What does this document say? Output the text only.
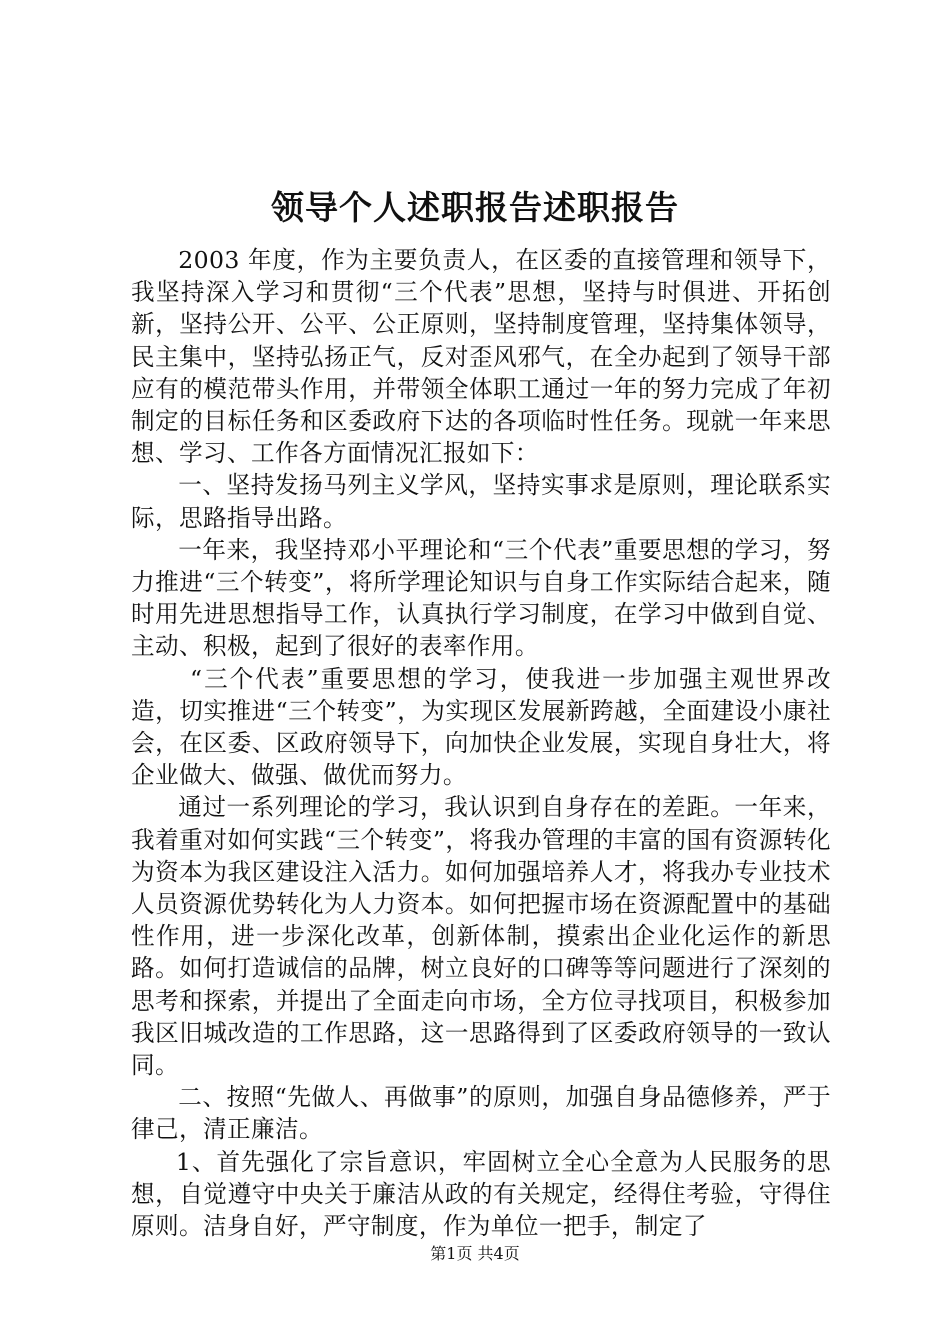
领导个人述职报告述职报告

2003 年度，作为主要负责人，在区委的直接管理和领导下，我坚持深入学习和贯彻“三个代表”思想，坚持与时俱进、开拓创新，坚持公开、公平、公正原则，坚持制度管理，坚持集体领导，民主集中，坚持弘扬正气，反对歪风邪气，在全办起到了领导干部应有的模范带头作用，并带领全体职工通过一年的努力完成了年初制定的目标任务和区委政府下达的各项临时性任务。现就一年来思想、学习、工作各方面情况汇报如下：

一、坚持发扬马列主义学风，坚持实事求是原则，理论联系实际，思路指导出路。

一年来，我坚持邓小平理论和“三个代表”重要思想的学习，努力推进“三个转变”，将所学理论知识与自身工作实际结合起来，随时用先进思想指导工作，认真执行学习制度，在学习中做到自觉、主动、积极，起到了很好的表率作用。

“三个代表”重要思想的学习，使我进一步加强主观世界改造，切实推进“三个转变”，为实现区发展新跨越，全面建设小康社会，在区委、区政府领导下，向加快企业发展，实现自身壮大，将企业做大、做强、做优而努力。

通过一系列理论的学习，我认识到自身存在的差距。一年来，我着重对如何实践“三个转变”，将我办管理的丰富的国有资源转化为资本为我区建设注入活力。如何加强培养人才，将我办专业技术人员资源优势转化为人力资本。如何把握市场在资源配置中的基础性作用，进一步深化改革，创新体制，摸索出企业化运作的新思路。如何打造诚信的品牌，树立良好的口碑等等问题进行了深刻的思考和探索，并提出了全面走向市场，全方位寻找项目，积极参加我区旧城改造的工作思路，这一思路得到了区委政府领导的一致认同。

二、按照“先做人、再做事”的原则，加强自身品德修养，严于律己，清正廉洁。

1、首先强化了宗旨意识，牢固树立全心全意为人民服务的思想，自觉遵守中央关于廉洁从政的有关规定，经得住考验，守得住原则。洁身自好，严守制度，作为单位一把手，制定了

第1页 共4页
